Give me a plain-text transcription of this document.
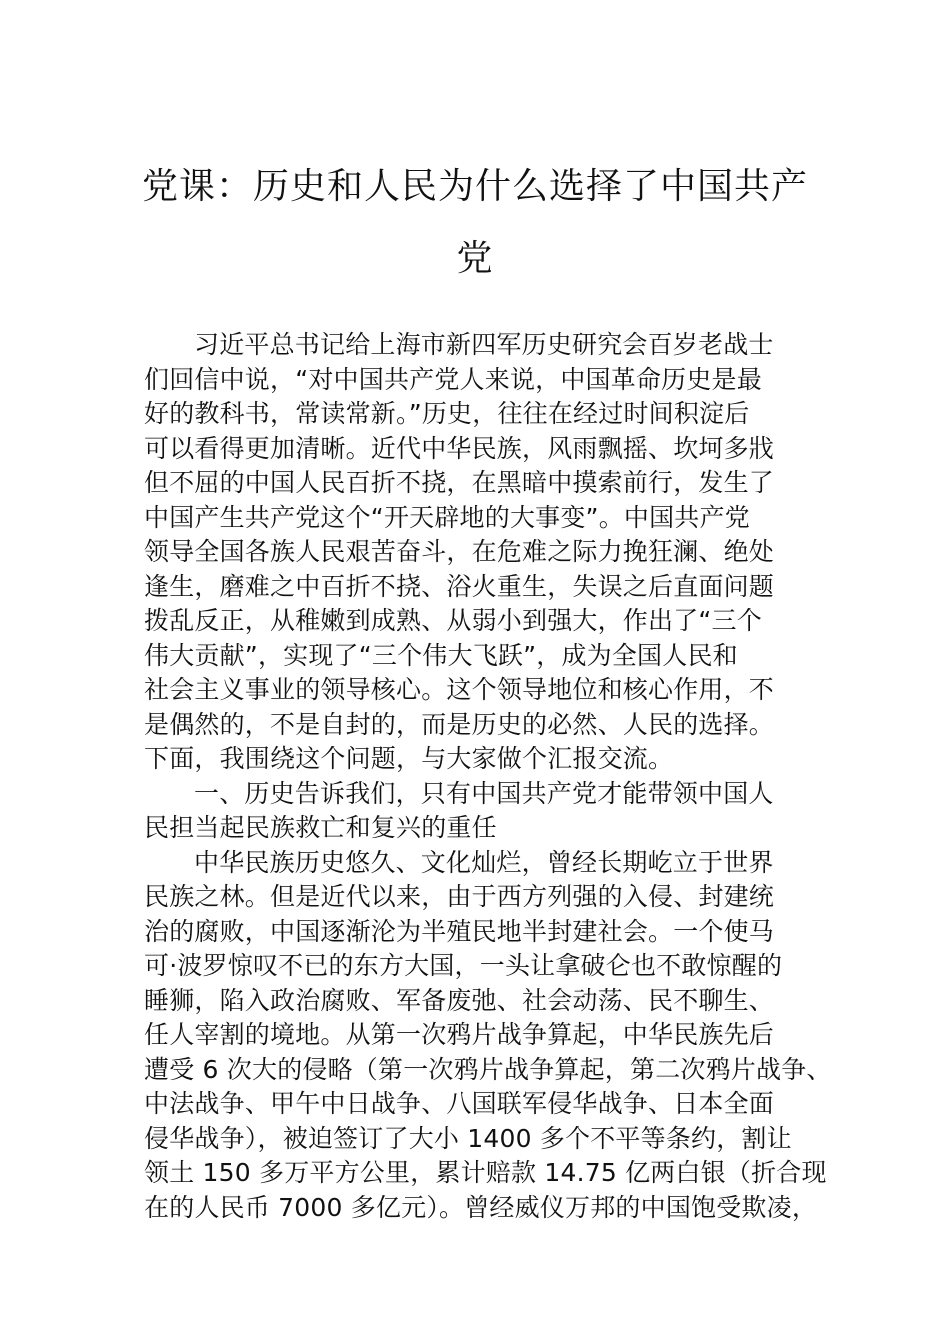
党课：历史和人民为什么选择了中国共产
党
习近平总书记给上海市新四军历史研究会百岁老战士
们回信中说，“对中国共产党人来说，中国革命历史是最
好的教科书，常读常新。”历史，往往在经过时间积淀后
可以看得更加清晰。近代中华民族，风雨飘摇、坎坷多戕
但不屈的中国人民百折不挠，在黑暗中摸索前行，发生了
中国产生共产党这个“开天辟地的大事变”。中国共产党
领导全国各族人民艰苦奋斗，在危难之际力挽狂澜、绝处
逢生，磨难之中百折不挠、浴火重生，失误之后直面问题
拨乱反正，从稚嫩到成熟、从弱小到强大，作出了“三个
伟大贡献”，实现了“三个伟大飞跃”，成为全国人民和
社会主义事业的领导核心。这个领导地位和核心作用，不
是偶然的，不是自封的，而是历史的必然、人民的选择。
下面，我围绕这个问题，与大家做个汇报交流。
一、历史告诉我们，只有中国共产党才能带领中国人
民担当起民族救亡和复兴的重任
中华民族历史悠久、文化灿烂，曾经长期屹立于世界
民族之林。但是近代以来，由于西方列强的入侵、封建统
治的腐败，中国逐渐沦为半殖民地半封建社会。一个使马
可·波罗惊叹不已的东方大国，一头让拿破仑也不敢惊醒的
睡狮，陷入政治腐败、军备废弛、社会动荡、民不聊生、
任人宰割的境地。从第一次鸦片战争算起，中华民族先后
遭受 6 次大的侵略（第一次鸦片战争算起，第二次鸦片战争、
中法战争、甲午中日战争、八国联军侵华战争、日本全面
侵华战争），被迫签订了大小 1400 多个不平等条约，割让
领土 150 多万平方公里，累计赔款 14.75 亿两白银（折合现
在的人民币 7000 多亿元）。曾经威仪万邦的中国饱受欺凌，
